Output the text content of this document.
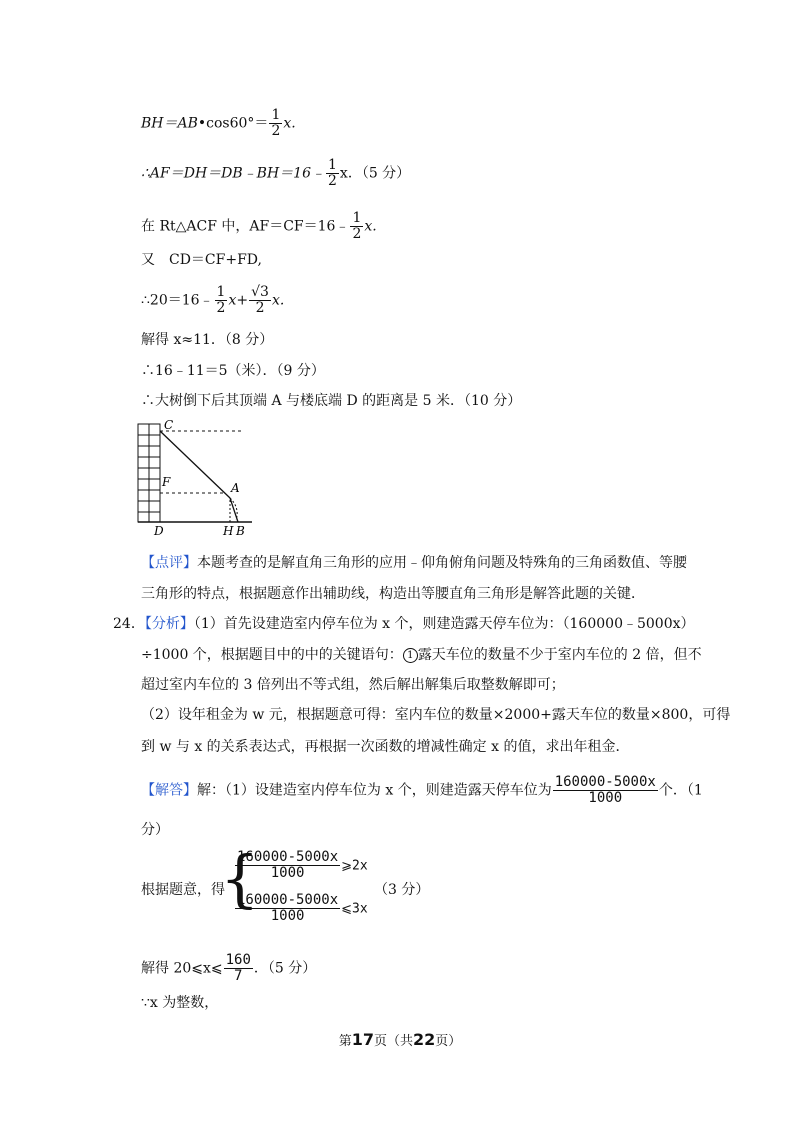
BH＝AB•cos60°＝ $\frac{1}{2} x$.
∴AF＝DH＝DB﹣BH＝16﹣ $\frac{1}{2}$ x．（5 分）
在 Rt△ACF 中，AF＝CF＝16﹣ $\frac{1}{2} x$.
又　CD＝CF+FD,
∴20＝16﹣ $\frac{1}{2} x+ \frac{√3}{2} x$.
解得 x≈11．（8 分）
∴16﹣11＝5（米）．（9 分）
∴大树倒下后其顶端 A 与楼底端 D 的距离是 5 米．（10 分）
C
F	A
D	H B
【点评】本题考查的是解直角三角形的应用﹣仰角俯角问题及特殊角的三角函数值、等腰
三角形的特点，根据题意作出辅助线，构造出等腰直角三角形是解答此题的关键．
24．【分析】（1）首先设建造室内停车位为 x 个，则建造露天停车位为：（160000﹣5000x）
÷1000 个，根据题目中的中的关键语句： 1 露天车位的数量不少于室内车位的 2 倍，但不
超过室内车位的 3 倍列出不等式组，然后解出解集后取整数解即可；
（2）设年租金为 w 元，根据题意可得：室内车位的数量×2000+露天车位的数量×800，可得
到 w 与 x 的关系表达式，再根据一次函数的增减性确定 x 的值，求出年租金．
【解答】解：（1）设建造室内停车位为 x 个，则建造露天停车位为 $\frac{160000-5000x}{1000}$ 个．（1
分）
根据题意，得
{
$\frac{160000-5000x}{1000}$ ⩾2x
$\frac{160000-5000x}{1000}$ ⩽3x
（3 分）
解得 20⩽x⩽ $\frac{160}{7}$ ．（5 分）
∵x 为整数，
第17页（共22页）
